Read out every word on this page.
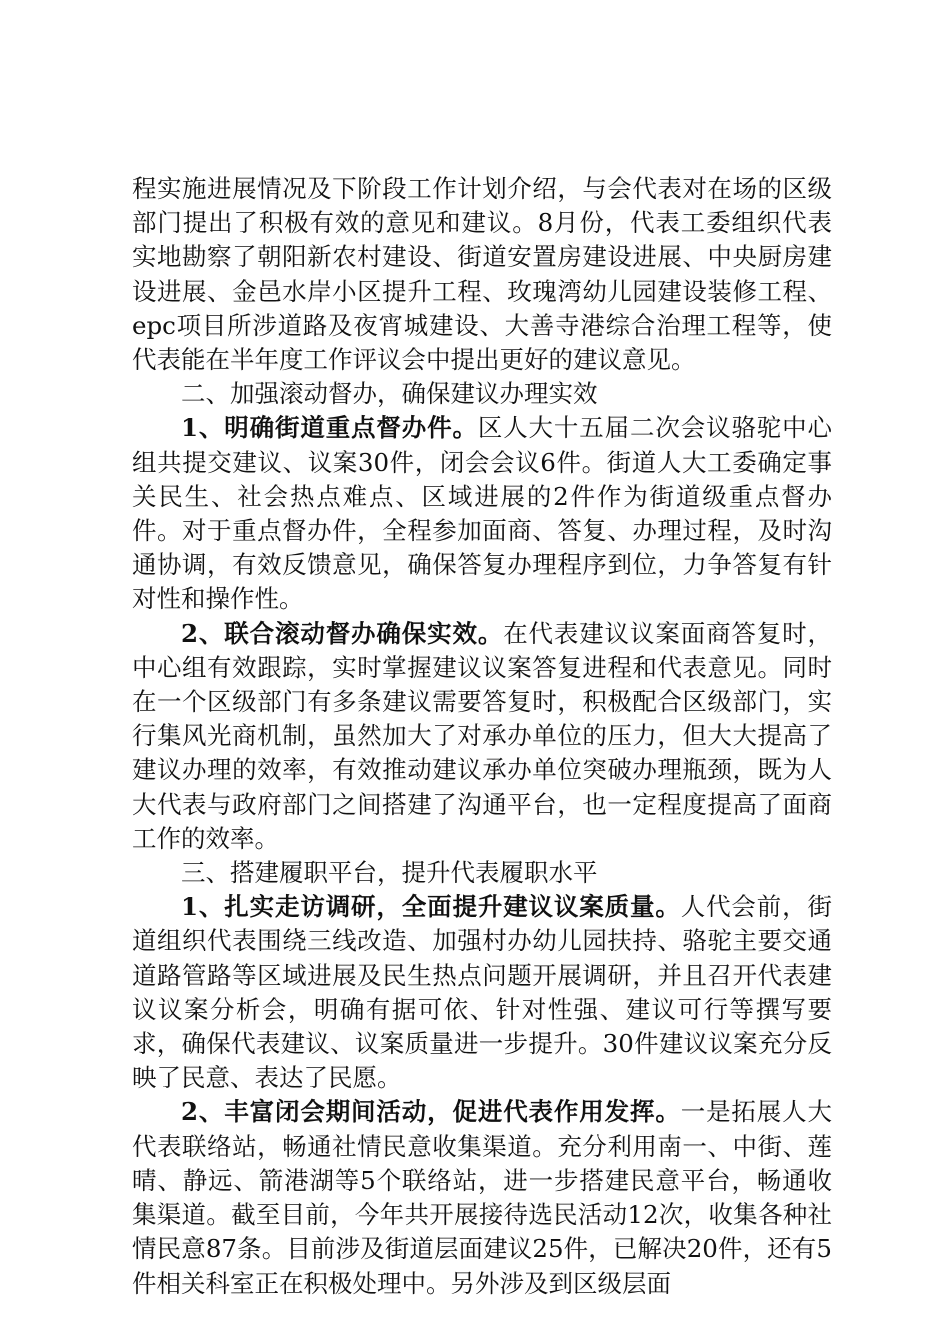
程实施进展情况及下阶段工作计划介绍，与会代表对在场的区级部门提出了积极有效的意见和建议。8月份，代表工委组织代表实地勘察了朝阳新农村建设、街道安置房建设进展、中央厨房建设进展、金邑水岸小区提升工程、玫瑰湾幼儿园建设装修工程、epc项目所涉道路及夜宵城建设、大善寺港综合治理工程等，使代表能在半年度工作评议会中提出更好的建议意见。

二、加强滚动督办，确保建议办理实效

1、明确街道重点督办件。区人大十五届二次会议骆驼中心组共提交建议、议案30件，闭会会议6件。街道人大工委确定事关民生、社会热点难点、区域进展的2件作为街道级重点督办件。对于重点督办件，全程参加面商、答复、办理过程，及时沟通协调，有效反馈意见，确保答复办理程序到位，力争答复有针对性和操作性。

2、联合滚动督办确保实效。在代表建议议案面商答复时，中心组有效跟踪，实时掌握建议议案答复进程和代表意见。同时在一个区级部门有多条建议需要答复时，积极配合区级部门，实行集风光商机制，虽然加大了对承办单位的压力，但大大提高了建议办理的效率，有效推动建议承办单位突破办理瓶颈，既为人大代表与政府部门之间搭建了沟通平台，也一定程度提高了面商工作的效率。

三、搭建履职平台，提升代表履职水平

1、扎实走访调研，全面提升建议议案质量。人代会前，街道组织代表围绕三线改造、加强村办幼儿园扶持、骆驼主要交通道路管路等区域进展及民生热点问题开展调研，并且召开代表建议议案分析会，明确有据可依、针对性强、建议可行等撰写要求，确保代表建议、议案质量进一步提升。30件建议议案充分反映了民意、表达了民愿。

2、丰富闭会期间活动，促进代表作用发挥。一是拓展人大代表联络站，畅通社情民意收集渠道。充分利用南一、中街、莲晴、静远、箭港湖等5个联络站，进一步搭建民意平台，畅通收集渠道。截至目前，今年共开展接待选民活动12次，收集各种社情民意87条。目前涉及街道层面建议25件，已解决20件，还有5件相关科室正在积极处理中。另外涉及到区级层面
